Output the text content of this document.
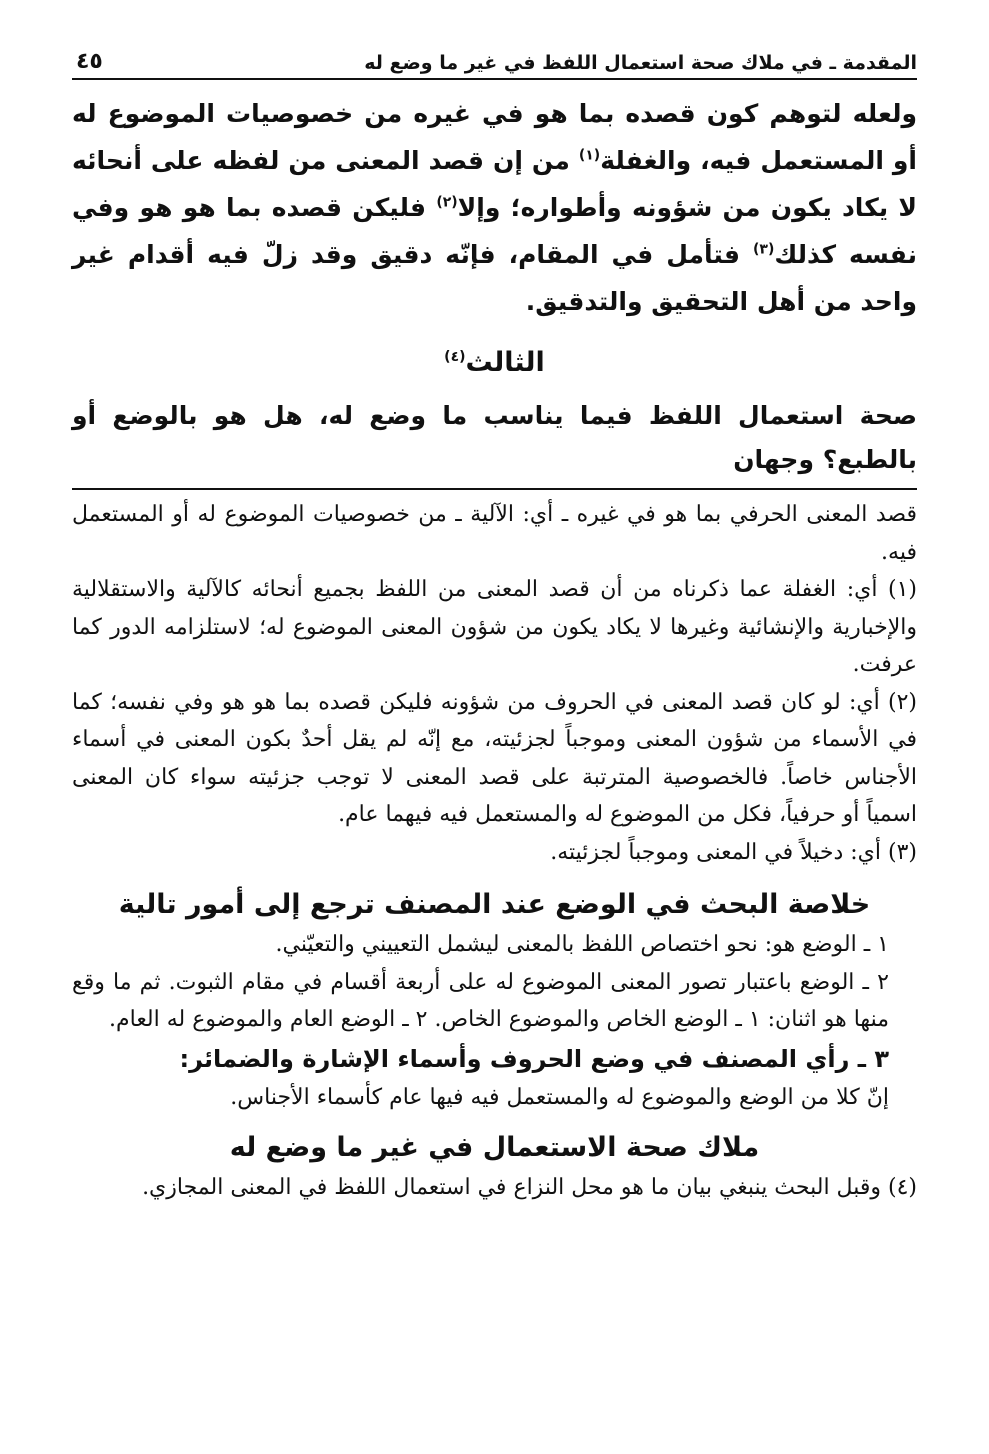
المقدمة ـ في ملاك صحة استعمال اللفظ في غير ما وضع له
٤٥
ولعله لتوهم كون قصده بما هو في غيره من خصوصيات الموضوع له أو المستعمل فيه، والغفلة$^{(١)}$ من إن قصد المعنى من لفظه على أنحائه لا يكاد يكون من شؤونه وأطواره؛ وإلا$^{(٢)}$ فليكن قصده بما هو هو وفي نفسه كذلك$^{(٣)}$ فتأمل في المقام، فإنّه دقيق وقد زلّ فيه أقدام غير واحد من أهل التحقيق والتدقيق.
الثالث$^{(٤)}$
صحة استعمال اللفظ فيما يناسب ما وضع له، هل هو بالوضع أو بالطبع؟ وجهان

قصد المعنى الحرفي بما هو في غيره ـ أي: الآلية ـ من خصوصيات الموضوع له أو المستعمل فيه.

(١) أي: الغفلة عما ذكرناه من أن قصد المعنى من اللفظ بجميع أنحائه كالآلية والاستقلالية والإخبارية والإنشائية وغيرها لا يكاد يكون من شؤون المعنى الموضوع له؛ لاستلزامه الدور كما عرفت.

(٢) أي: لو كان قصد المعنى في الحروف من شؤونه فليكن قصده بما هو هو وفي نفسه؛ كما في الأسماء من شؤون المعنى وموجباً لجزئيته، مع إنّه لم يقل أحدٌ بكون المعنى في أسماء الأجناس خاصاً. فالخصوصية المترتبة على قصد المعنى لا توجب جزئيته سواء كان المعنى اسمياً أو حرفياً، فكل من الموضوع له والمستعمل فيه فيهما عام.

(٣) أي: دخيلاً في المعنى وموجباً لجزئيته.

خلاصة البحث في الوضع عند المصنف ترجع إلى أمور تالية

١ ـ الوضع هو: نحو اختصاص اللفظ بالمعنى ليشمل التعييني والتعيّني.

٢ ـ الوضع باعتبار تصور المعنى الموضوع له على أربعة أقسام في مقام الثبوت. ثم ما وقع منها هو اثنان: ١ ـ الوضع الخاص والموضوع الخاص. ٢ ـ الوضع العام والموضوع له العام.

٣ ـ رأي المصنف في وضع الحروف وأسماء الإشارة والضمائر:

إنّ كلا من الوضع والموضوع له والمستعمل فيه فيها عام كأسماء الأجناس.

ملاك صحة الاستعمال في غير ما وضع له

(٤) وقبل البحث ينبغي بيان ما هو محل النزاع في استعمال اللفظ في المعنى المجازي.
